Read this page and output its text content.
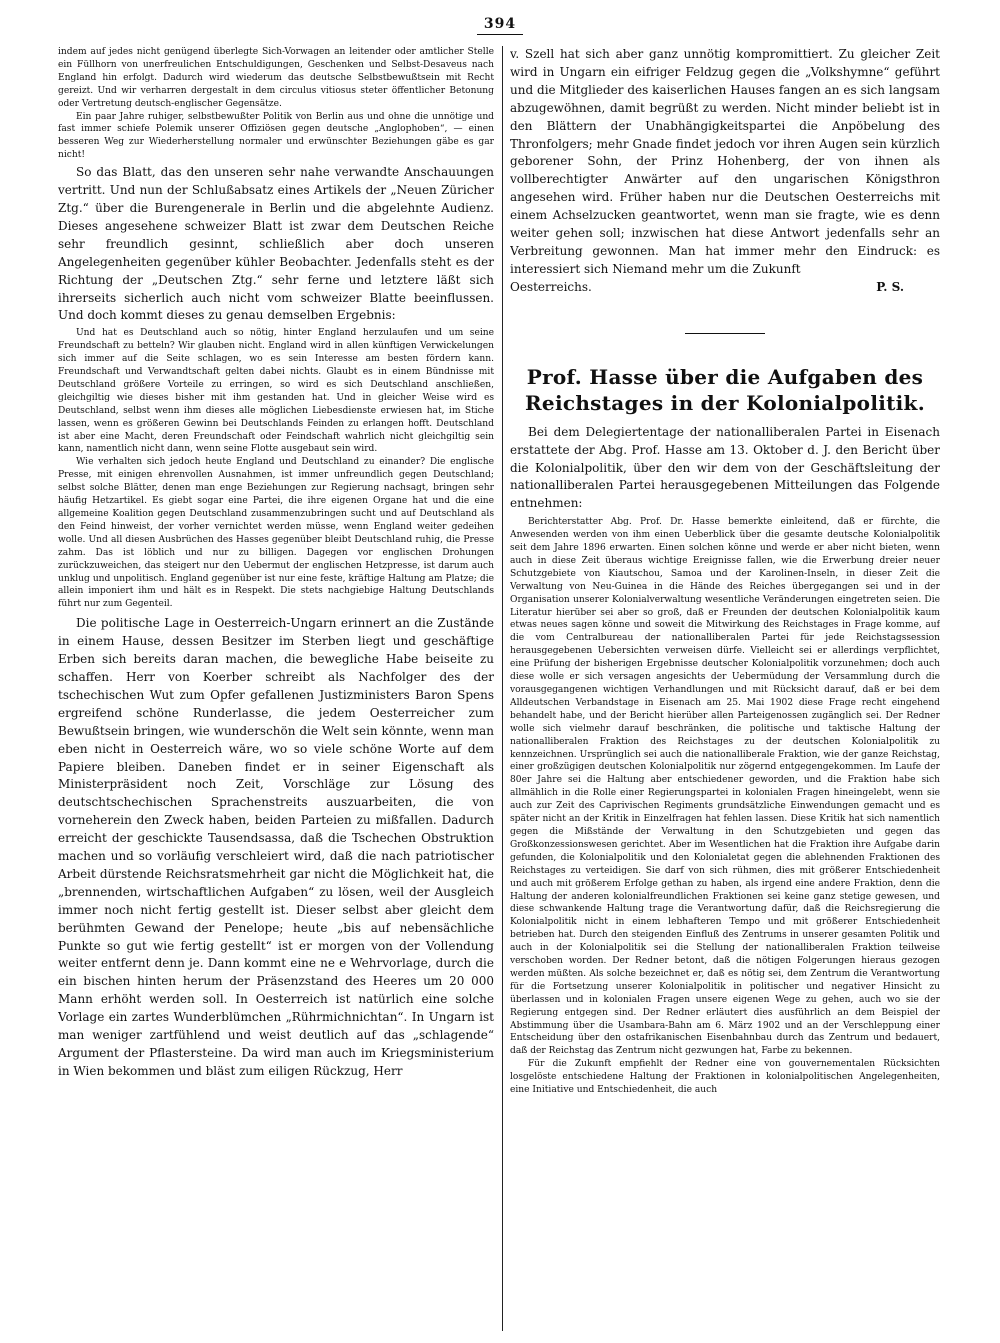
394

indem auf jedes nicht genügend überlegte Sich-Vorwagen an leitender oder amtlicher Stelle ein Füllhorn von unerfreulichen Entschuldigungen, Geschenken und Selbst-Desaveus nach England hin erfolgt. Dadurch wird wiederum das deutsche Selbstbewußtsein mit Recht gereizt. Und wir verharren dergestalt in dem circulus vitiosus steter öffentlicher Betonung oder Vertretung deutsch-englischer Gegensätze.

Ein paar Jahre ruhiger, selbstbewußter Politik von Berlin aus und ohne die unnötige und fast immer schiefe Polemik unserer Offiziösen gegen deutsche „Anglophoben“, — einen besseren Weg zur Wiederherstellung normaler und erwünschter Beziehungen gäbe es gar nicht!

So das Blatt, das den unseren sehr nahe verwandte Anschauungen vertritt. Und nun der Schlußabsatz eines Artikels der „Neuen Züricher Ztg.“ über die Burengenerale in Berlin und die abgelehnte Audienz. Dieses angesehene schweizer Blatt ist zwar dem Deutschen Reiche sehr freundlich gesinnt, schließlich aber doch unseren Angelegenheiten gegenüber kühler Beobachter. Jedenfalls steht es der Richtung der „Deutschen Ztg.“ sehr ferne und letztere läßt sich ihrerseits sicherlich auch nicht vom schweizer Blatte beeinflussen. Und doch kommt dieses zu genau demselben Ergebnis:

Und hat es Deutschland auch so nötig, hinter England herzulaufen und um seine Freundschaft zu betteln? Wir glauben nicht. England wird in allen künftigen Verwickelungen sich immer auf die Seite schlagen, wo es sein Interesse am besten fördern kann. Freundschaft und Verwandtschaft gelten dabei nichts. Glaubt es in einem Bündnisse mit Deutschland größere Vorteile zu erringen, so wird es sich Deutschland anschließen, gleichgiltig wie dieses bisher mit ihm gestanden hat. Und in gleicher Weise wird es Deutschland, selbst wenn ihm dieses alle möglichen Liebesdienste erwiesen hat, im Stiche lassen, wenn es größeren Gewinn bei Deutschlands Feinden zu erlangen hofft. Deutschland ist aber eine Macht, deren Freundschaft oder Feindschaft wahrlich nicht gleichgiltig sein kann, namentlich nicht dann, wenn seine Flotte ausgebaut sein wird.

Wie verhalten sich jedoch heute England und Deutschland zu einander? Die englische Presse, mit einigen ehrenvollen Ausnahmen, ist immer unfreundlich gegen Deutschland; selbst solche Blätter, denen man enge Beziehungen zur Regierung nachsagt, bringen sehr häufig Hetzartikel. Es giebt sogar eine Partei, die ihre eigenen Organe hat und die eine allgemeine Koalition gegen Deutschland zusammenzubringen sucht und auf Deutschland als den Feind hinweist, der vorher vernichtet werden müsse, wenn England weiter gedeihen wolle. Und all diesen Ausbrüchen des Hasses gegenüber bleibt Deutschland ruhig, die Presse zahm. Das ist löblich und nur zu billigen. Dagegen vor englischen Drohungen zurückzuweichen, das steigert nur den Uebermut der englischen Hetzpresse, ist darum auch unklug und unpolitisch. England gegenüber ist nur eine feste, kräftige Haltung am Platze; die allein imponiert ihm und hält es in Respekt. Die stets nachgiebige Haltung Deutschlands führt nur zum Gegenteil.

Die politische Lage in Oesterreich-Ungarn erinnert an die Zustände in einem Hause, dessen Besitzer im Sterben liegt und geschäftige Erben sich bereits daran machen, die bewegliche Habe beiseite zu schaffen. Herr von Koerber schreibt als Nachfolger des der tschechischen Wut zum Opfer gefallenen Justizministers Baron Spens ergreifend schöne Runderlasse, die jedem Oesterreicher zum Bewußtsein bringen, wie wunderschön die Welt sein könnte, wenn man eben nicht in Oesterreich wäre, wo so viele schöne Worte auf dem Papiere bleiben. Daneben findet er in seiner Eigenschaft als Ministerpräsident noch Zeit, Vorschläge zur Lösung des deutschtschechischen Sprachenstreits auszuarbeiten, die von vorneherein den Zweck haben, beiden Parteien zu mißfallen. Dadurch erreicht der geschickte Tausendsassa, daß die Tschechen Obstruktion machen und so vorläufig verschleiert wird, daß die nach patriotischer Arbeit dürstende Reichsratsmehrheit gar nicht die Möglichkeit hat, die „brennenden, wirtschaftlichen Aufgaben“ zu lösen, weil der Ausgleich immer noch nicht fertig gestellt ist. Dieser selbst aber gleicht dem berühmten Gewand der Penelope; heute „bis auf nebensächliche Punkte so gut wie fertig gestellt“ ist er morgen von der Vollendung weiter entfernt denn je. Dann kommt eine ne e Wehrvorlage, durch die ein bischen hinten herum der Präsenzstand des Heeres um 20 000 Mann erhöht werden soll. In Oesterreich ist natürlich eine solche Vorlage ein zartes Wunderblümchen „Rührmichnichtan“. In Ungarn ist man weniger zartfühlend und weist deutlich auf das „schlagende“ Argument der Pflastersteine. Da wird man auch im Kriegsministerium in Wien bekommen und bläst zum eiligen Rückzug, Herr

v. Szell hat sich aber ganz unnötig kompromittiert. Zu gleicher Zeit wird in Ungarn ein eifriger Feldzug gegen die „Volkshymne“ geführt und die Mitglieder des kaiserlichen Hauses fangen an es sich langsam abzugewöhnen, damit begrüßt zu werden. Nicht minder beliebt ist in den Blättern der Unabhängigkeitspartei die Anpöbelung des Thronfolgers; mehr Gnade findet jedoch vor ihren Augen sein kürzlich geborener Sohn, der Prinz Hohenberg, der von ihnen als vollberechtigter Anwärter auf den ungarischen Königsthron angesehen wird. Früher haben nur die Deutschen Oesterreichs mit einem Achselzucken geantwortet, wenn man sie fragte, wie es denn weiter gehen soll; inzwischen hat diese Antwort jedenfalls sehr an Verbreitung gewonnen. Man hat immer mehr den Eindruck: es interessiert sich Niemand mehr um die Zukunft

Oesterreichs.	P. S.
Prof. Hasse über die Aufgaben des Reichstages in der Kolonialpolitik.

Bei dem Delegiertentage der nationalliberalen Partei in Eisenach erstattete der Abg. Prof. Hasse am 13. Oktober d. J. den Bericht über die Kolonialpolitik, über den wir dem von der Geschäftsleitung der nationalliberalen Partei herausgegebenen Mitteilungen das Folgende entnehmen:

Berichterstatter Abg. Prof. Dr. Hasse bemerkte einleitend, daß er fürchte, die Anwesenden werden von ihm einen Ueberblick über die gesamte deutsche Kolonialpolitik seit dem Jahre 1896 erwarten. Einen solchen könne und werde er aber nicht bieten, wenn auch in diese Zeit überaus wichtige Ereignisse fallen, wie die Erwerbung dreier neuer Schutzgebiete von Kiautschou, Samoa und der Karolinen-Inseln, in dieser Zeit die Verwaltung von Neu-Guinea in die Hände des Reiches übergegangen sei und in der Organisation unserer Kolonialverwaltung wesentliche Veränderungen eingetreten seien. Die Literatur hierüber sei aber so groß, daß er Freunden der deutschen Kolonialpolitik kaum etwas neues sagen könne und soweit die Mitwirkung des Reichstages in Frage komme, auf die vom Centralbureau der nationalliberalen Partei für jede Reichstagssession herausgegebenen Uebersichten verweisen dürfe. Vielleicht sei er allerdings verpflichtet, eine Prüfung der bisherigen Ergebnisse deutscher Kolonialpolitik vorzunehmen; doch auch diese wolle er sich versagen angesichts der Uebermüdung der Versammlung durch die vorausgegangenen wichtigen Verhandlungen und mit Rücksicht darauf, daß er bei dem Alldeutschen Verbandstage in Eisenach am 25. Mai 1902 diese Frage recht eingehend behandelt habe, und der Bericht hierüber allen Parteigenossen zugänglich sei. Der Redner wolle sich vielmehr darauf beschränken, die politische und taktische Haltung der nationalliberalen Fraktion des Reichstages zu der deutschen Kolonialpolitik zu kennzeichnen. Ursprünglich sei auch die nationalliberale Fraktion, wie der ganze Reichstag, einer großzügigen deutschen Kolonialpolitik nur zögernd entgegengekommen. Im Laufe der 80er Jahre sei die Haltung aber entschiedener geworden, und die Fraktion habe sich allmählich in die Rolle einer Regierungspartei in kolonialen Fragen hineingelebt, wenn sie auch zur Zeit des Caprivischen Regiments grundsätzliche Einwendungen gemacht und es später nicht an der Kritik in Einzelfragen hat fehlen lassen. Diese Kritik hat sich namentlich gegen die Mißstände der Verwaltung in den Schutzgebieten und gegen das Großkonzessionswesen gerichtet. Aber im Wesentlichen hat die Fraktion ihre Aufgabe darin gefunden, die Kolonialpolitik und den Kolonialetat gegen die ablehnenden Fraktionen des Reichstages zu verteidigen. Sie darf von sich rühmen, dies mit größerer Entschiedenheit und auch mit größerem Erfolge gethan zu haben, als irgend eine andere Fraktion, denn die Haltung der anderen kolonialfreundlichen Fraktionen sei keine ganz stetige gewesen, und diese schwankende Haltung trage die Verantwortung dafür, daß die Reichsregierung die Kolonialpolitik nicht in einem lebhafteren Tempo und mit größerer Entschiedenheit betrieben hat. Durch den steigenden Einfluß des Zentrums in unserer gesamten Politik und auch in der Kolonialpolitik sei die Stellung der nationalliberalen Fraktion teilweise verschoben worden. Der Redner betont, daß die nötigen Folgerungen hieraus gezogen werden müßten. Als solche bezeichnet er, daß es nötig sei, dem Zentrum die Verantwortung für die Fortsetzung unserer Kolonialpolitik in politischer und negativer Hinsicht zu überlassen und in kolonialen Fragen unsere eigenen Wege zu gehen, auch wo sie der Regierung entgegen sind. Der Redner erläutert dies ausführlich an dem Beispiel der Abstimmung über die Usambara-Bahn am 6. März 1902 und an der Verschleppung einer Entscheidung über den ostafrikanischen Eisenbahnbau durch das Zentrum und bedauert, daß der Reichstag das Zentrum nicht gezwungen hat, Farbe zu bekennen.

Für die Zukunft empfiehlt der Redner eine von gouvernementalen Rücksichten losgelöste entschiedene Haltung der Fraktionen in kolonialpolitischen Angelegenheiten, eine Initiative und Entschiedenheit, die auch
